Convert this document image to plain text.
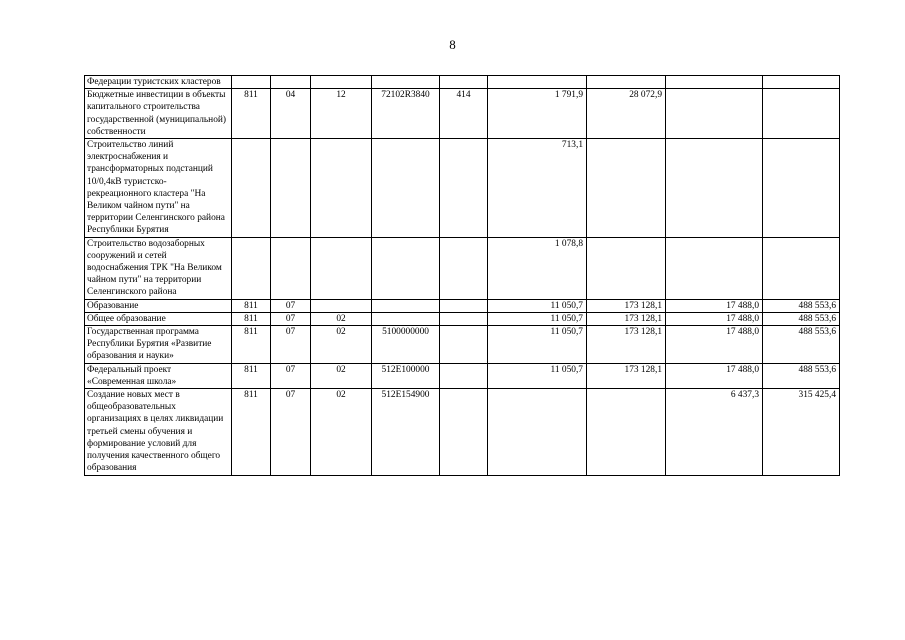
8
Федерации туристских кластеров									
Бюджетные инвестиции в объекты капитального строительства государственной (муниципальной) собственности	811	04	12	72102R3840	414	1 791,9	28 072,9		
Строительство линий электроснабжения и трансформаторных подстанций 10/0,4кВ туристско-рекреационного кластера "На Великом чайном пути" на территории Селенгинского района Республики Бурятия						713,1			
Строительство водозаборных сооружений и сетей водоснабжения ТРК "На Великом чайном пути" на территории Селенгинского района						1 078,8			
Образование	811	07				11 050,7	173 128,1	17 488,0	488 553,6
Общее образование	811	07	02			11 050,7	173 128,1	17 488,0	488 553,6
Государственная программа Республики Бурятия «Развитие образования и науки»	811	07	02	5100000000		11 050,7	173 128,1	17 488,0	488 553,6
Федеральный проект «Современная школа»	811	07	02	512E100000		11 050,7	173 128,1	17 488,0	488 553,6
Создание новых мест в общеобразовательных организациях в целях ликвидации третьей смены обучения и формирование условий для получения качественного общего образования	811	07	02	512E154900				6 437,3	315 425,4
